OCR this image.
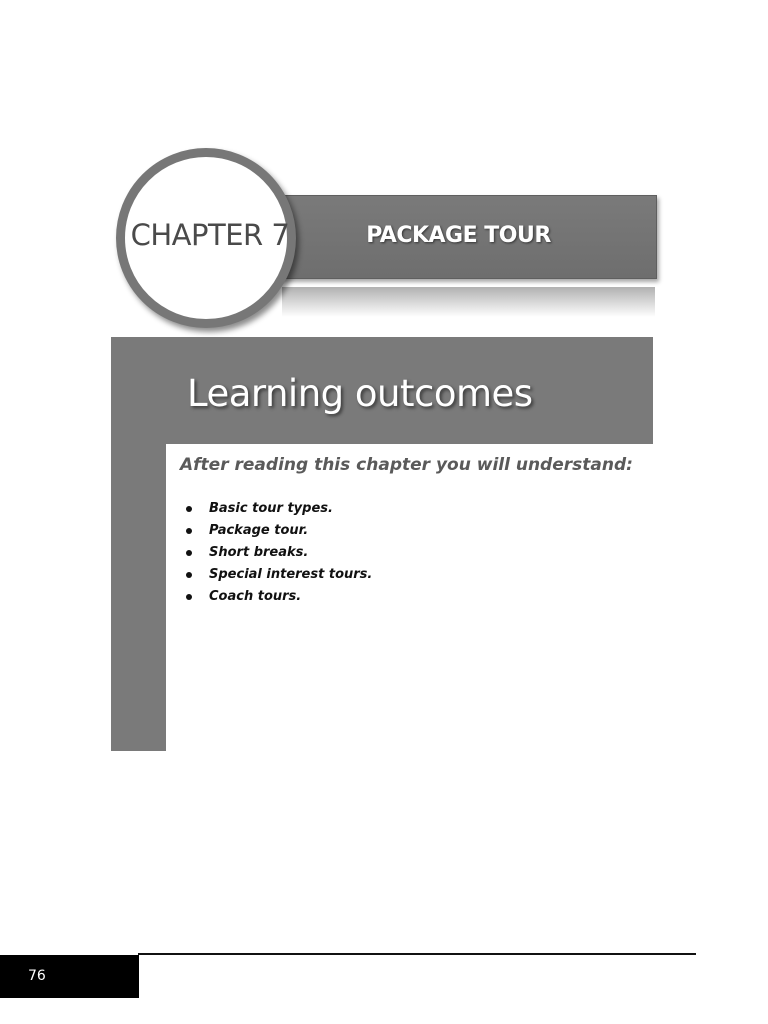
PACKAGE TOUR
CHAPTER 7
Learning outcomes
After reading this chapter you will understand:
Basic tour types.
Package tour.
Short breaks.
Special interest tours.
Coach tours.
76
